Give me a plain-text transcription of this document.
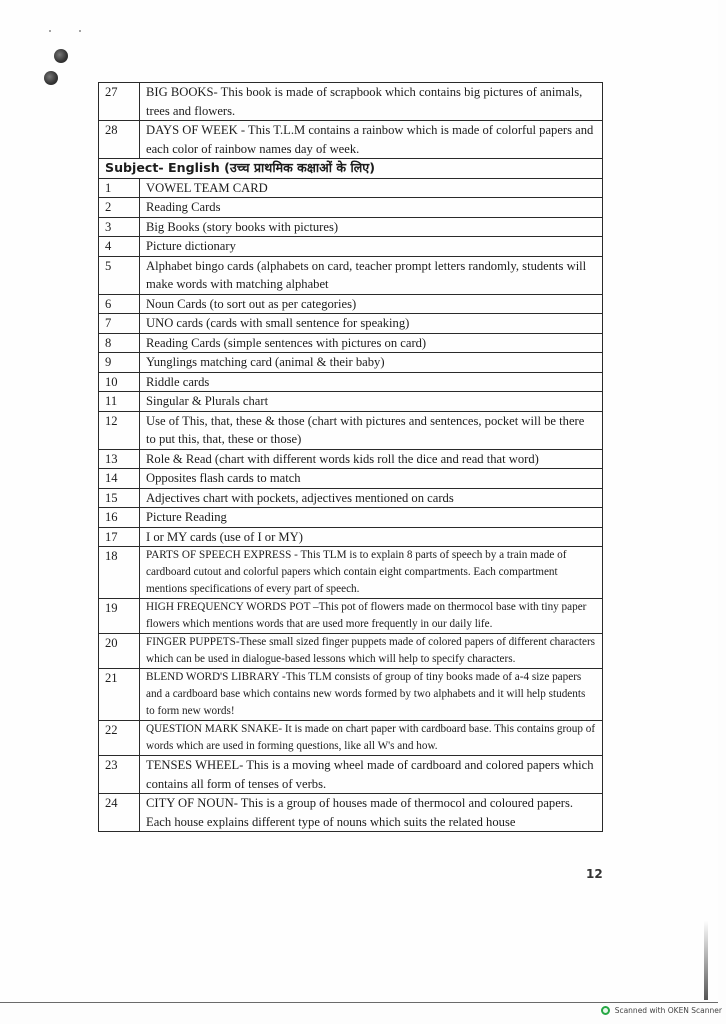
27	BIG BOOKS- This book is made of scrapbook which contains big pictures of animals, trees and flowers.
28	DAYS OF WEEK - This T.L.M contains a rainbow which is made of colorful papers and each color of rainbow names day of week.
Subject- English (उच्च प्राथमिक कक्षाओं के लिए)	
1	VOWEL TEAM CARD
2	Reading Cards
3	Big Books (story books with pictures)
4	Picture dictionary
5	Alphabet bingo cards (alphabets on card, teacher prompt letters randomly, students will make words with matching alphabet
6	Noun Cards (to sort out as per categories)
7	UNO cards (cards with small sentence for speaking)
8	Reading Cards (simple sentences with pictures on card)
9	Yunglings matching card (animal & their baby)
10	Riddle cards
11	Singular & Plurals chart
12	Use of This, that, these & those (chart with pictures and sentences, pocket will be there to put this, that, these or those)
13	Role & Read (chart with different words kids roll the dice and read that word)
14	Opposites flash cards to match
15	Adjectives chart with pockets, adjectives mentioned on cards
16	Picture Reading
17	I or MY cards (use of I or MY)
18	PARTS OF SPEECH EXPRESS - This TLM is to explain 8 parts of speech by a train made of cardboard cutout and colorful papers which contain eight compartments. Each compartment mentions specifications of every part of speech.
19	HIGH FREQUENCY WORDS POT –This pot of flowers made on thermocol base with tiny paper flowers which mentions words that are used more frequently in our daily life.
20	FINGER PUPPETS-These small sized finger puppets made of colored papers of different characters which can be used in dialogue-based lessons which will help to specify characters.
21	BLEND WORD'S LIBRARY -This TLM consists of group of tiny books made of a-4 size papers and a cardboard base which contains new words formed by two alphabets and it will help students to form new words!
22	QUESTION MARK SNAKE- It is made on chart paper with cardboard base. This contains group of words which are used in forming questions, like all W's and how.
23	TENSES WHEEL- This is a moving wheel made of cardboard and colored papers which contains all form of tenses of verbs.
24	CITY OF NOUN- This is a group of houses made of thermocol and coloured papers. Each house explains different type of nouns which suits the related house
12
Scanned with OKEN Scanner
